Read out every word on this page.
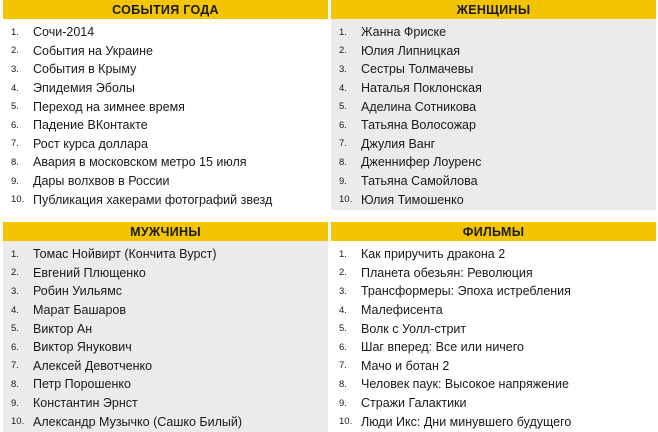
СОБЫТИЯ ГОДА
1.	Сочи-2014
2.	События на Украине
3.	События в Крыму
4.	Эпидемия Эболы
5.	Переход на зимнее время
6.	Падение ВКонтакте
7.	Рост курса доллара
8.	Авария в московском метро 15 июля
9.	Дары волхвов в России
10. Публикация хакерами фотографий звезд
ЖЕНЩИНЫ
1.	Жанна Фриске
2.	Юлия Липницкая
3.	Сестры Толмачевы
4.	Наталья Поклонская
5.	Аделина Сотникова
6.	Татьяна Волосожар
7.	Джулия Ванг
8.	Дженнифер Лоуренс
9.	Татьяна Самойлова
10. Юлия Тимошенко
МУЖЧИНЫ
1.	Томас Нойвирт (Кончита Вурст)
2.	Евгений Плющенко
3.	Робин Уильямс
4.	Марат Башаров
5.	Виктор Ан
6.	Виктор Янукович
7.	Алексей Девотченко
8.	Петр Порошенко
9.	Константин Эрнст
10. Александр Музычко (Сашко Билый)
ФИЛЬМЫ
1.	Как приручить дракона 2
2.	Планета обезьян: Революция
3.	Трансформеры: Эпоха истребления
4.	Малефисента
5.	Волк с Уолл-стрит
6.	Шаг вперед: Все или ничего
7.	Мачо и ботан 2
8.	Человек паук: Высокое напряжение
9.	Стражи Галактики
10. Люди Икс: Дни минувшего будущего
